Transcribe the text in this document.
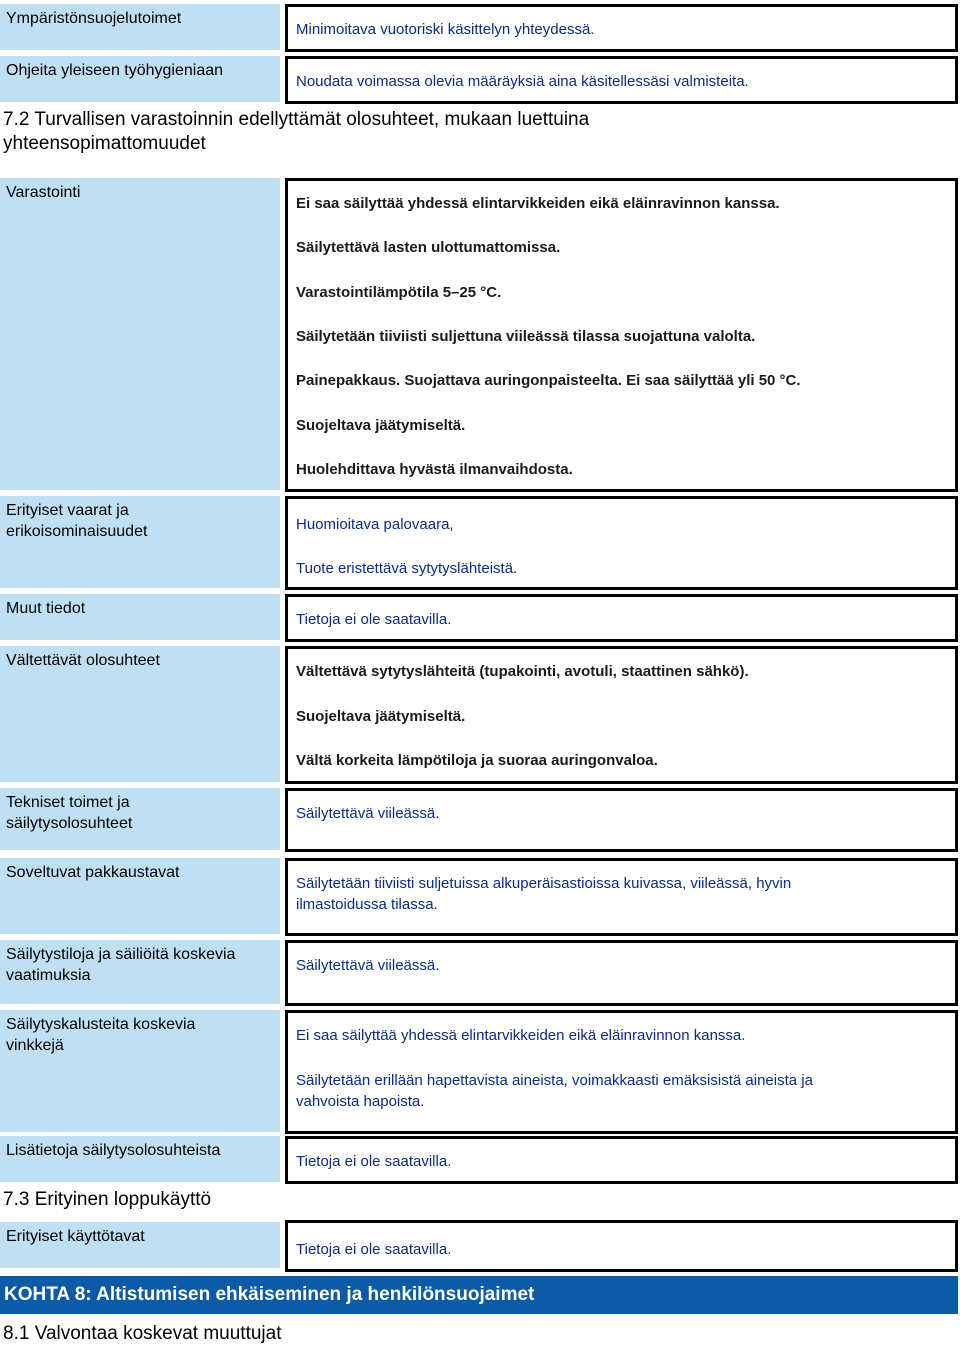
Ympäristönsuojelutoimet
Minimoitava vuotoriski käsittelyn yhteydessä.
Ohjeita yleiseen työhygieniaan
Noudata voimassa olevia määräyksiä aina käsitellessäsi valmisteita.
7.2 Turvallisen varastoinnin edellyttämät olosuhteet, mukaan luettuina
yhteensopimattomuudet
Varastointi
Ei saa säilyttää yhdessä elintarvikkeiden eikä eläinravinnon kanssa.
Säilytettävä lasten ulottumattomissa.
Varastointilämpötila 5–25 °C.
Säilytetään tiiviisti suljettuna viileässä tilassa suojattuna valolta.
Painepakkaus. Suojattava auringonpaisteelta. Ei saa säilyttää yli 50 °C.
Suojeltava jäätymiseltä.
Huolehdittava hyvästä ilmanvaihdosta.
Erityiset vaarat ja
erikoisominaisuudet	Huomioitava palovaara,
Tuote eristettävä sytytyslähteistä.
Muut tiedot
Tietoja ei ole saatavilla.
Vältettävät olosuhteet
Vältettävä sytytyslähteitä (tupakointi, avotuli, staattinen sähkö).
Suojeltava jäätymiseltä.
Vältä korkeita lämpötiloja ja suoraa auringonvaloa.
Tekniset toimet ja
säilytysolosuhteet
Säilytettävä viileässä.
Soveltuvat pakkaustavat
Säilytetään tiiviisti suljetuissa alkuperäisastioissa kuivassa, viileässä, hyvin
ilmastoidussa tilassa.
Säilytystiloja ja säiliöitä koskevia
vaatimuksia
Säilytettävä viileässä.
Säilytyskalusteita koskevia
vinkkejä
Ei saa säilyttää yhdessä elintarvikkeiden eikä eläinravinnon kanssa.
Säilytetään erillään hapettavista aineista, voimakkaasti emäksisistä aineista ja
vahvoista hapoista.
Lisätietoja säilytysolosuhteista
Tietoja ei ole saatavilla.
7.3 Erityinen loppukäyttö
Erityiset käyttötavat
Tietoja ei ole saatavilla.
KOHTA 8: Altistumisen ehkäiseminen ja henkilönsuojaimet
8.1 Valvontaa koskevat muuttujat
